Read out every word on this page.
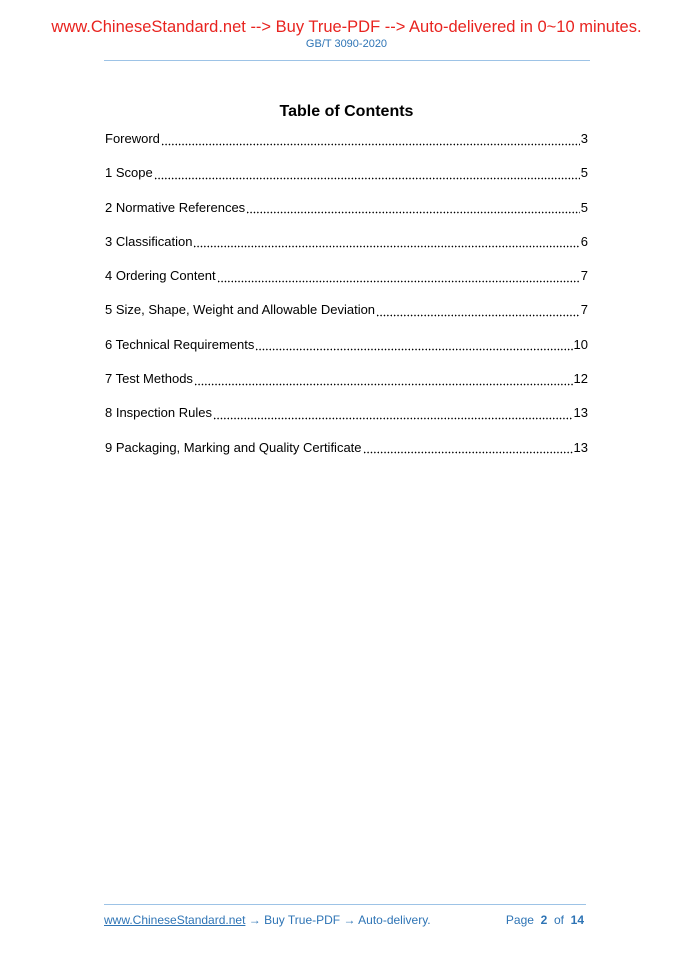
www.ChineseStandard.net --> Buy True-PDF --> Auto-delivered in 0~10 minutes.
GB/T 3090-2020
Table of Contents
Foreword	3
1 Scope	5
2 Normative References	5
3 Classification	6
4 Ordering Content	7
5 Size, Shape, Weight and Allowable Deviation	7
6 Technical Requirements	10
7 Test Methods	12
8 Inspection Rules	13
9 Packaging, Marking and Quality Certificate	13
www.ChineseStandard.net → Buy True-PDF → Auto-delivery.	Page 2 of 14
